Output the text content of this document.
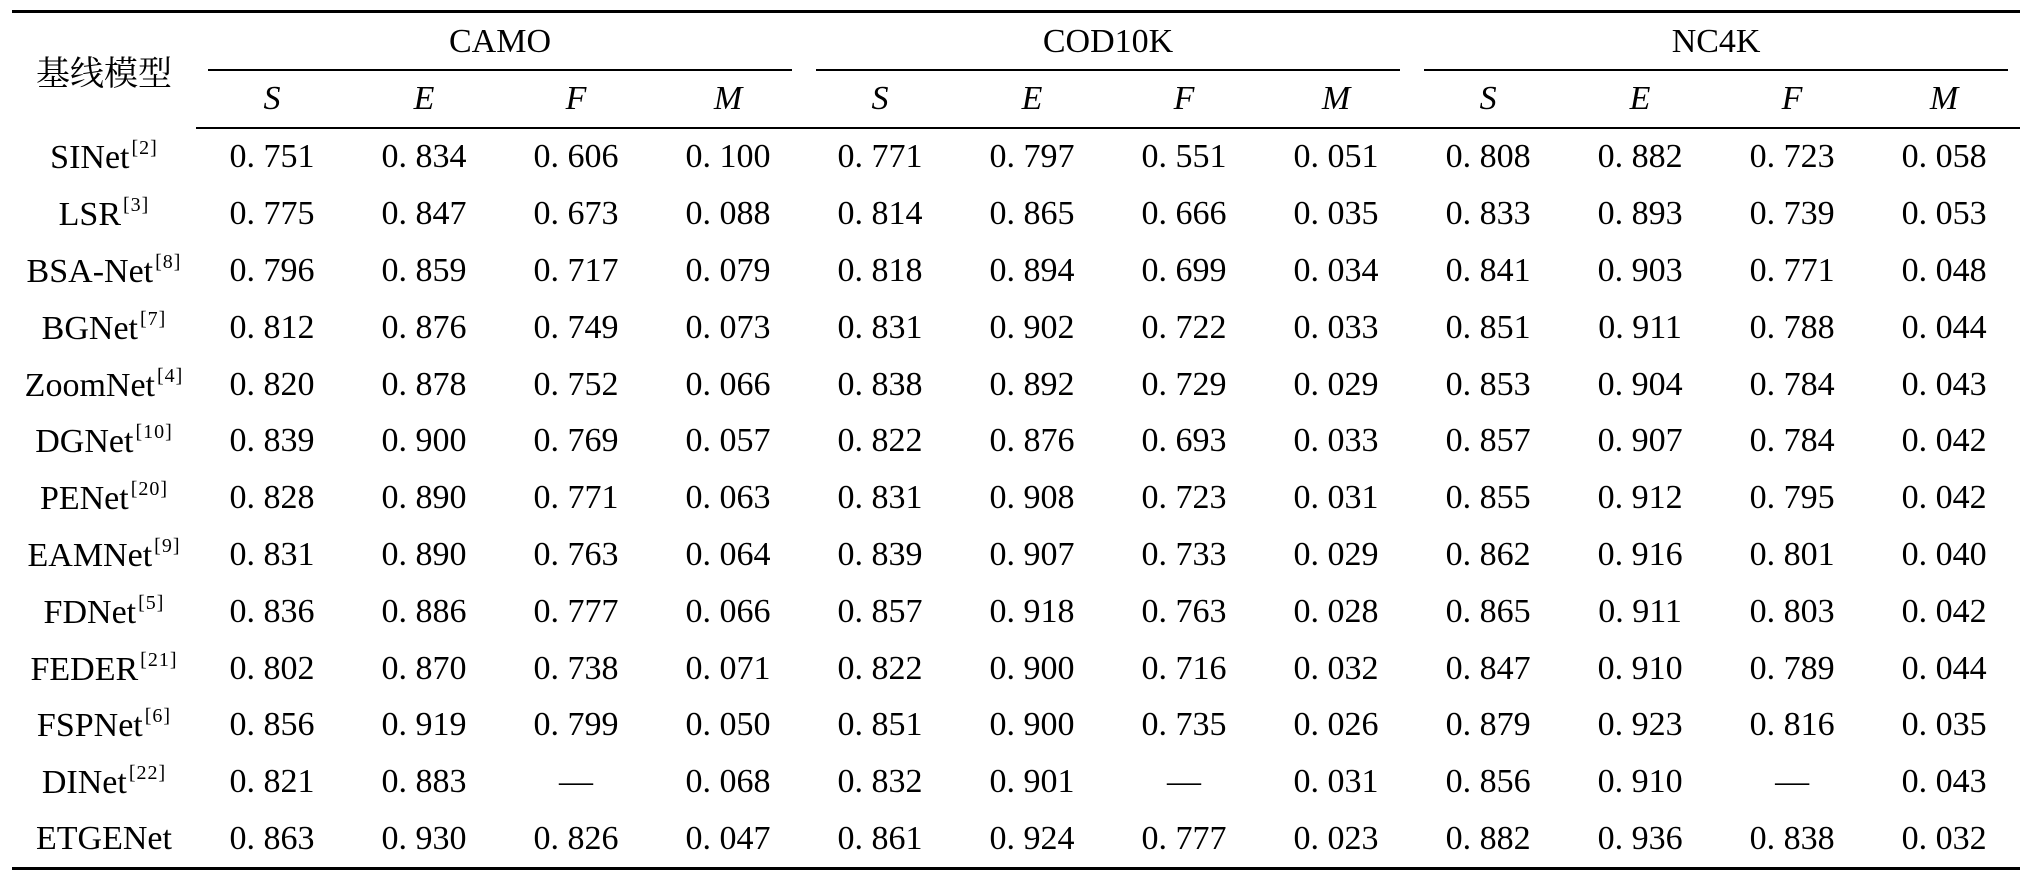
基线模型	CAMO				COD10K				NC4K			

	S	E	F	M	S	E	F	M	S	E	F	M
SINet [2]	0. 751	0. 834	0. 606	0. 100	0. 771	0. 797	0. 551	0. 051	0. 808	0. 882	0. 723	0. 058
LSR [3]	0. 775	0. 847	0. 673	0. 088	0. 814	0. 865	0. 666	0. 035	0. 833	0. 893	0. 739	0. 053
BSA-Net [8]	0. 796	0. 859	0. 717	0. 079	0. 818	0. 894	0. 699	0. 034	0. 841	0. 903	0. 771	0. 048
BGNet [7]	0. 812	0. 876	0. 749	0. 073	0. 831	0. 902	0. 722	0. 033	0. 851	0. 911	0. 788	0. 044
ZoomNet [4]	0. 820	0. 878	0. 752	0. 066	0. 838	0. 892	0. 729	0. 029	0. 853	0. 904	0. 784	0. 043
DGNet [10]	0. 839	0. 900	0. 769	0. 057	0. 822	0. 876	0. 693	0. 033	0. 857	0. 907	0. 784	0. 042
PENet [20]	0. 828	0. 890	0. 771	0. 063	0. 831	0. 908	0. 723	0. 031	0. 855	0. 912	0. 795	0. 042
EAMNet [9]	0. 831	0. 890	0. 763	0. 064	0. 839	0. 907	0. 733	0. 029	0. 862	0. 916	0. 801	0. 040
FDNet [5]	0. 836	0. 886	0. 777	0. 066	0. 857	0. 918	0. 763	0. 028	0. 865	0. 911	0. 803	0. 042
FEDER [21]	0. 802	0. 870	0. 738	0. 071	0. 822	0. 900	0. 716	0. 032	0. 847	0. 910	0. 789	0. 044
FSPNet [6]	0. 856	0. 919	0. 799	0. 050	0. 851	0. 900	0. 735	0. 026	0. 879	0. 923	0. 816	0. 035
DINet [22]	0. 821	0. 883	—	0. 068	0. 832	0. 901	—	0. 031	0. 856	0. 910	—	0. 043
ETGENet	0. 863	0. 930	0. 826	0. 047	0. 861	0. 924	0. 777	0. 023	0. 882	0. 936	0. 838	0. 032
